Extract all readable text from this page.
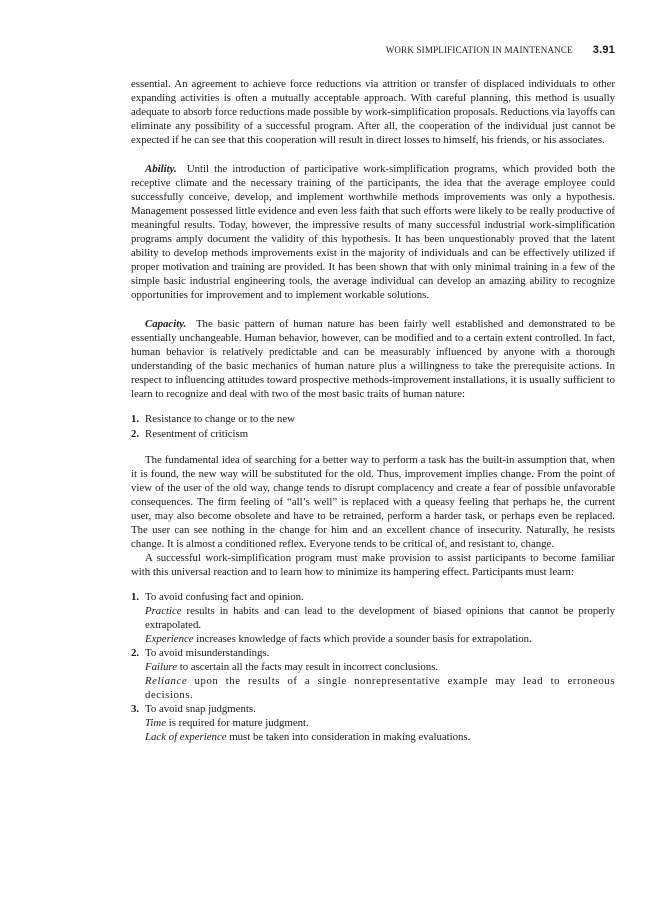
WORK SIMPLIFICATION IN MAINTENANCE 3.91

essential. An agreement to achieve force reductions via attrition or transfer of displaced individuals to other expanding activities is often a mutually acceptable approach. With careful planning, this method is usually adequate to absorb force reductions made possible by work-simplification proposals. Reductions via layoffs can eliminate any possibility of a successful program. After all, the cooperation of the individual just cannot be expected if he can see that this cooperation will result in direct losses to himself, his friends, or his associates.

Ability. Until the introduction of participative work-simplification programs, which provided both the receptive climate and the necessary training of the participants, the idea that the average employee could successfully conceive, develop, and implement worthwhile methods improvements was only a hypothesis. Management possessed little evidence and even less faith that such efforts were likely to be really productive of meaningful results. Today, however, the impressive results of many successful industrial work-simplification programs amply document the validity of this hypothesis. It has been unquestionably proved that the latent ability to develop methods improvements exist in the majority of individuals and can be effectively utilized if proper motivation and training are provided. It has been shown that with only minimal training in a few of the simple basic industrial engineering tools, the average individual can develop an amazing ability to recognize opportunities for improvement and to implement workable solutions.

Capacity. The basic pattern of human nature has been fairly well established and demonstrated to be essentially unchangeable. Human behavior, however, can be modified and to a certain extent controlled. In fact, human behavior is relatively predictable and can be measurably influenced by anyone with a thorough understanding of the basic mechanics of human nature plus a willingness to take the prerequisite actions. In respect to influencing attitudes toward prospective methods-improvement installations, it is usually sufficient to learn to recognize and deal with two of the most basic traits of human nature:

1. Resistance to change or to the new
2. Resentment of criticism

The fundamental idea of searching for a better way to perform a task has the built-in assumption that, when it is found, the new way will be substituted for the old. Thus, improvement implies change. From the point of view of the user of the old way, change tends to disrupt complacency and create a fear of possible unfavorable consequences. The firm feeling of “all’s well” is replaced with a queasy feeling that perhaps he, the current user, may also become obsolete and have to be retrained, perform a harder task, or perhaps even be replaced. The user can see nothing in the change for him and an excellent chance of insecurity. Naturally, he resists change. It is almost a conditioned reflex. Everyone tends to be critical of, and resistant to, change.

A successful work-simplification program must make provision to assist participants to become familiar with this universal reaction and to learn how to minimize its hampering effect. Participants must learn:

1. To avoid confusing fact and opinion.
Practice results in habits and can lead to the development of biased opinions that cannot be properly extrapolated.
Experience increases knowledge of facts which provide a sounder basis for extrapolation.
2. To avoid misunderstandings.
Failure to ascertain all the facts may result in incorrect conclusions.
Reliance upon the results of a single nonrepresentative example may lead to erroneous decisions.
3. To avoid snap judgments.
Time is required for mature judgment.
Lack of experience must be taken into consideration in making evaluations.
